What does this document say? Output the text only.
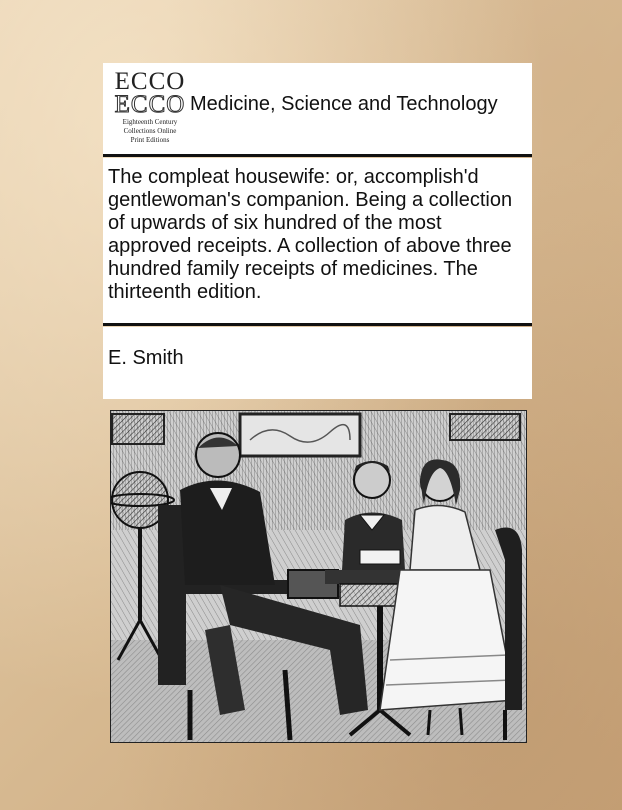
ECCO
ECCO
Eighteenth Century
Collections Online
Print Editions
Medicine, Science and Technology
The compleat housewife: or, accomplish'd gentlewoman's companion. Being a collection of upwards of six hundred of the most approved receipts. A collection of above three hundred family receipts of medicines. The thirteenth edition.
E. Smith
